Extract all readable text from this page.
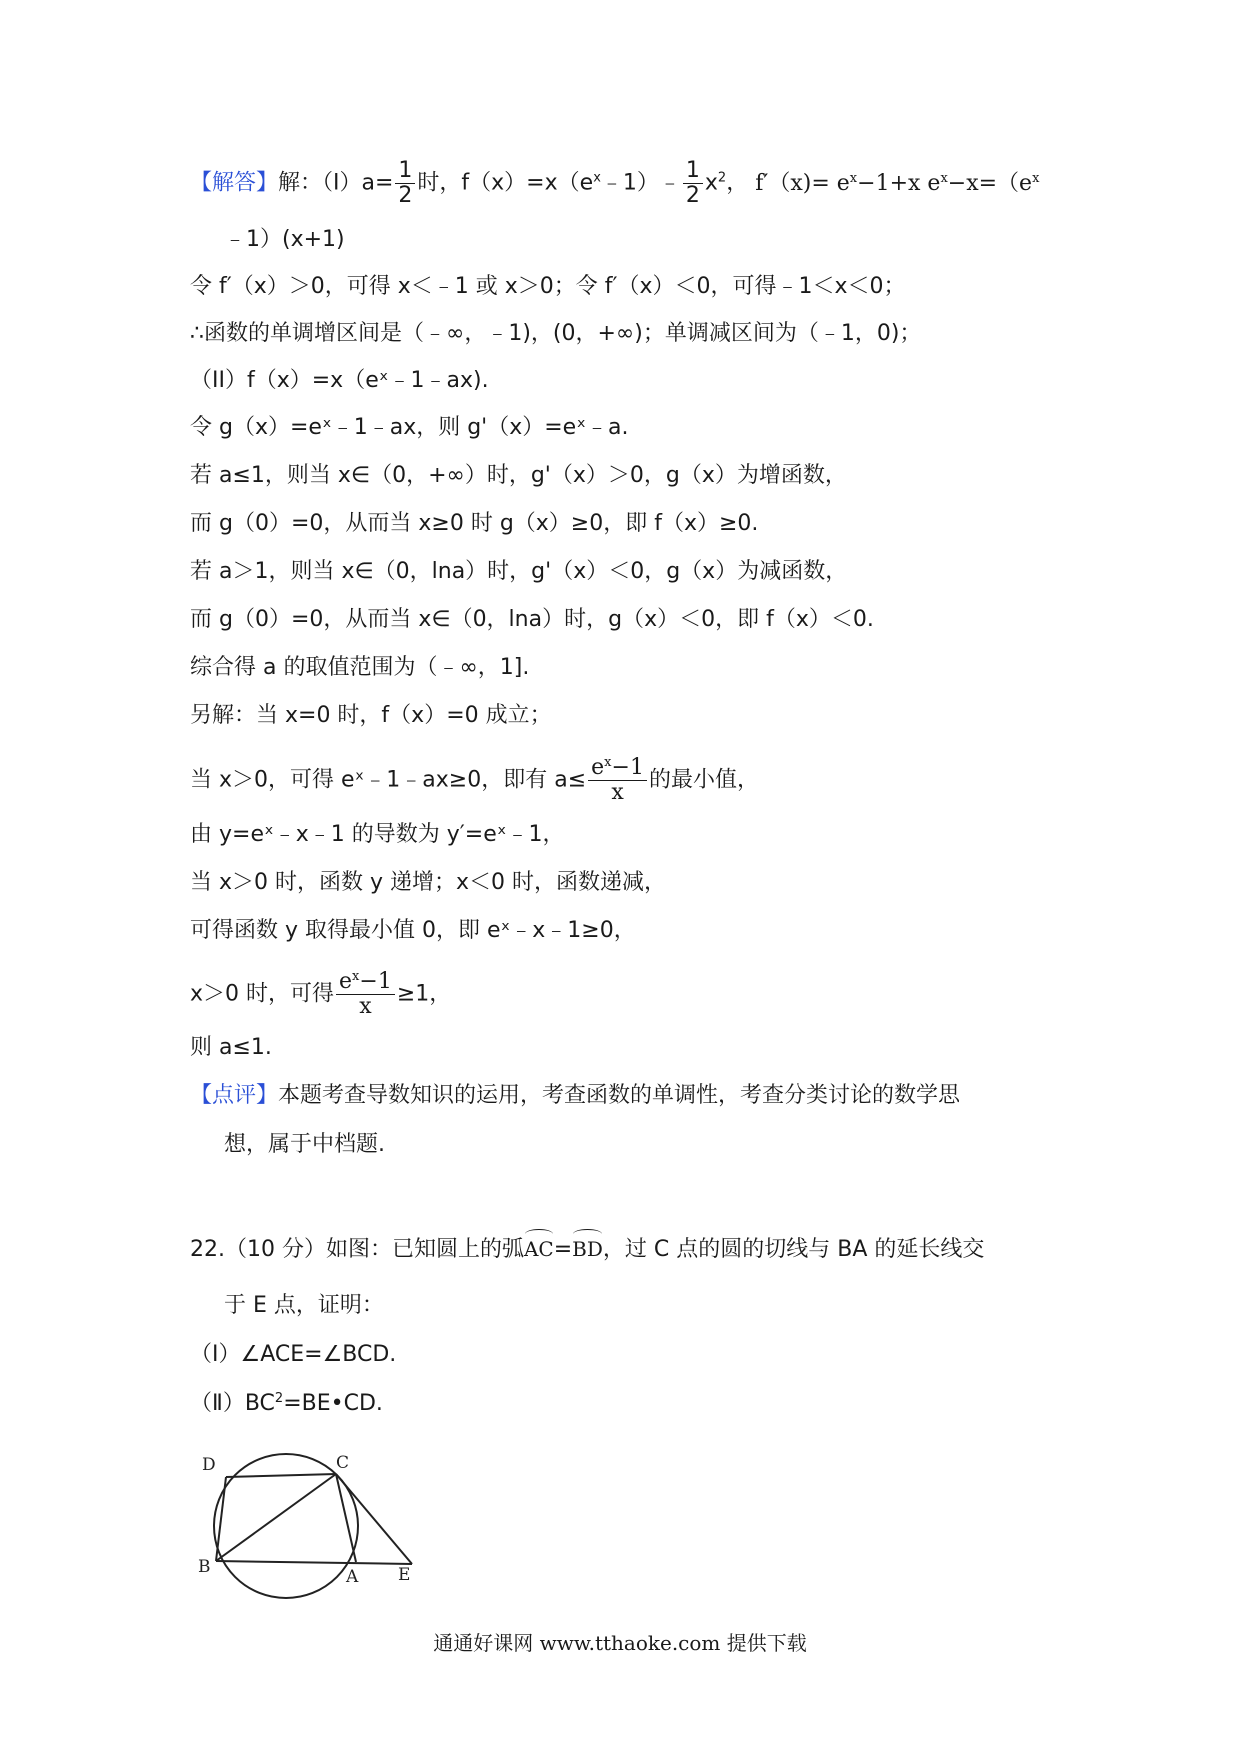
【解答】解：$(I)a= \frac{1}{2}$ 时，$f(x)=x(e^x﹣1)﹣ \frac{1}{2} x^2$， $f'(x)= e^x-1+x$ $e^x-x=(e^x$
﹣1）(x+1)
令 f′（x）＞0，可得 x＜﹣1 或 x＞0；令 f′（x）＜0，可得﹣1＜x＜0；
∴函数的单调增区间是（﹣∞，﹣1)，(0，+∞)；单调减区间为（﹣1，0)；
（II）f（x）=x（eˣ﹣1﹣ax).
令 g（x）=eˣ﹣1﹣ax，则 g'（x）=eˣ﹣a.
若 a≤1，则当 x∈（0，+∞）时，g'（x）＞0，g（x）为增函数，
而 g（0）=0，从而当 x≥0 时 g（x）≥0，即 f（x）≥0.
若 a＞1，则当 x∈（0，lna）时，g'（x）＜0，g（x）为减函数，
而 g（0）=0，从而当 x∈（0，lna）时，g（x）＜0，即 f（x）＜0.
综合得 a 的取值范围为（﹣∞，1].
另解：当 x=0 时，f（x）=0 成立；
当 x＞0，可得 eˣ﹣1﹣ax≥0，即有 $a\le \frac{e^x-1}{x}$ 的最小值，
由 y=eˣ﹣x﹣1 的导数为 y′=eˣ﹣1，
当 x＞0 时，函数 y 递增；x＜0 时，函数递减，
可得函数 y 取得最小值 0，即 eˣ﹣x﹣1≥0，
x＞0 时，可得 $\frac{e^x-1}{x} \ge 1$，
则 a≤1.
【点评】本题考查导数知识的运用，考查函数的单调性，考查分类讨论的数学思
想，属于中档题.
22.（10 分）如图：已知圆上的弧AC=BD，过 C 点的圆的切线与 BA 的延长线交
于 E 点，证明：
（Ⅰ）∠ACE=∠BCD.
$(Ⅱ)BC^2=BE•CD$.
D	C
B	A E
通通好课网 www.tthaoke.com 提供下载
